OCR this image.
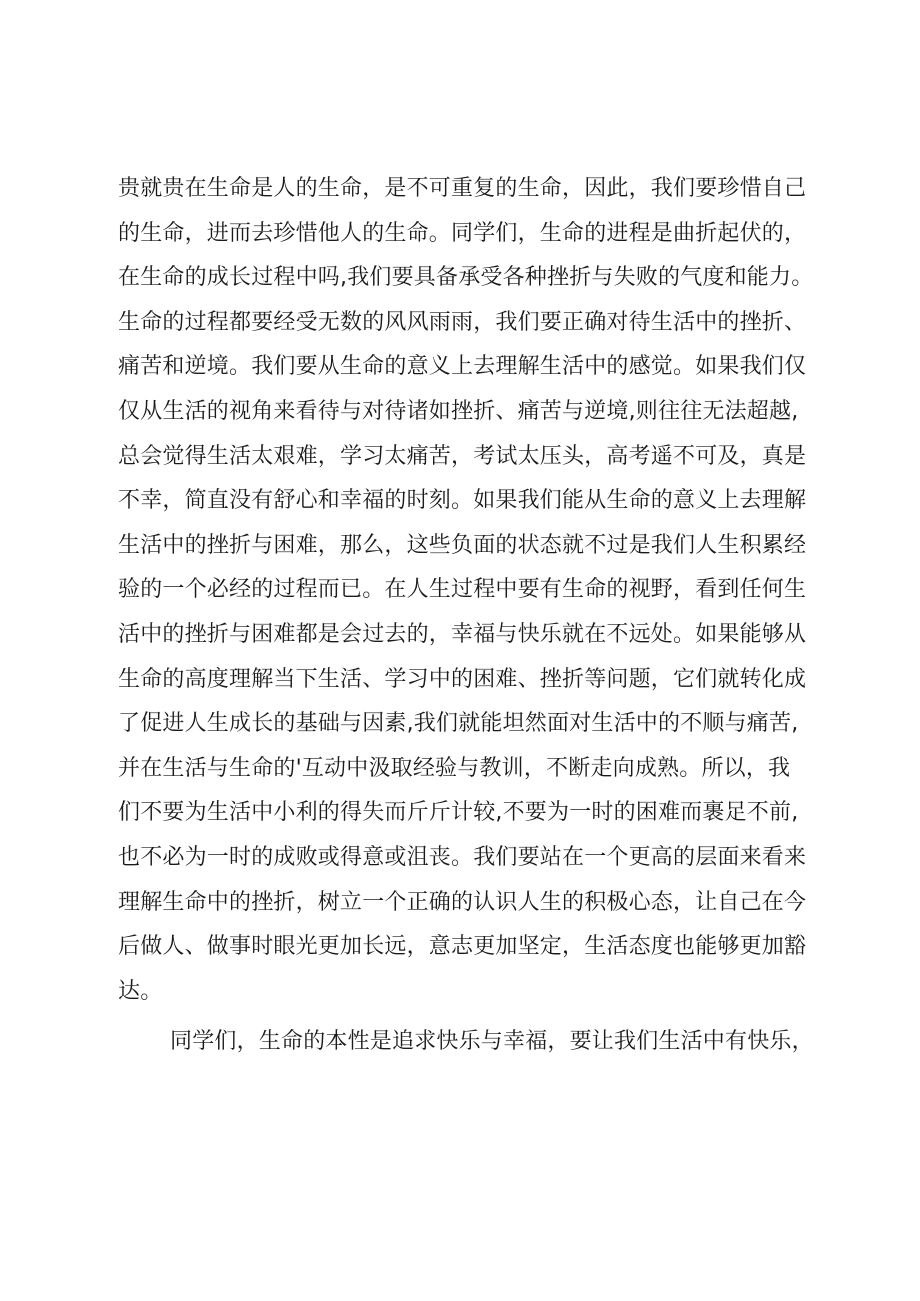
贵就贵在生命是人的生命，是不可重复的生命，因此，我们要珍惜自己
的生命，进而去珍惜他人的生命。同学们，生命的进程是曲折起伏的，
在生命的成长过程中吗,我们要具备承受各种挫折与失败的气度和能力。
生命的过程都要经受无数的风风雨雨，我们要正确对待生活中的挫折、
痛苦和逆境。我们要从生命的意义上去理解生活中的感觉。如果我们仅
仅从生活的视角来看待与对待诸如挫折、痛苦与逆境,则往往无法超越,
总会觉得生活太艰难，学习太痛苦，考试太压头，高考遥不可及，真是
不幸，简直没有舒心和幸福的时刻。如果我们能从生命的意义上去理解
生活中的挫折与困难，那么，这些负面的状态就不过是我们人生积累经
验的一个必经的过程而已。在人生过程中要有生命的视野，看到任何生
活中的挫折与困难都是会过去的，幸福与快乐就在不远处。如果能够从
生命的高度理解当下生活、学习中的困难、挫折等问题，它们就转化成
了促进人生成长的基础与因素,我们就能坦然面对生活中的不顺与痛苦,
并在生活与生命的'互动中汲取经验与教训，不断走向成熟。所以，我
们不要为生活中小利的得失而斤斤计较,不要为一时的困难而裹足不前,
也不必为一时的成败或得意或沮丧。我们要站在一个更高的层面来看来
理解生命中的挫折，树立一个正确的认识人生的积极心态，让自己在今
后做人、做事时眼光更加长远，意志更加坚定，生活态度也能够更加豁
达。
同学们，生命的本性是追求快乐与幸福，要让我们生活中有快乐，
